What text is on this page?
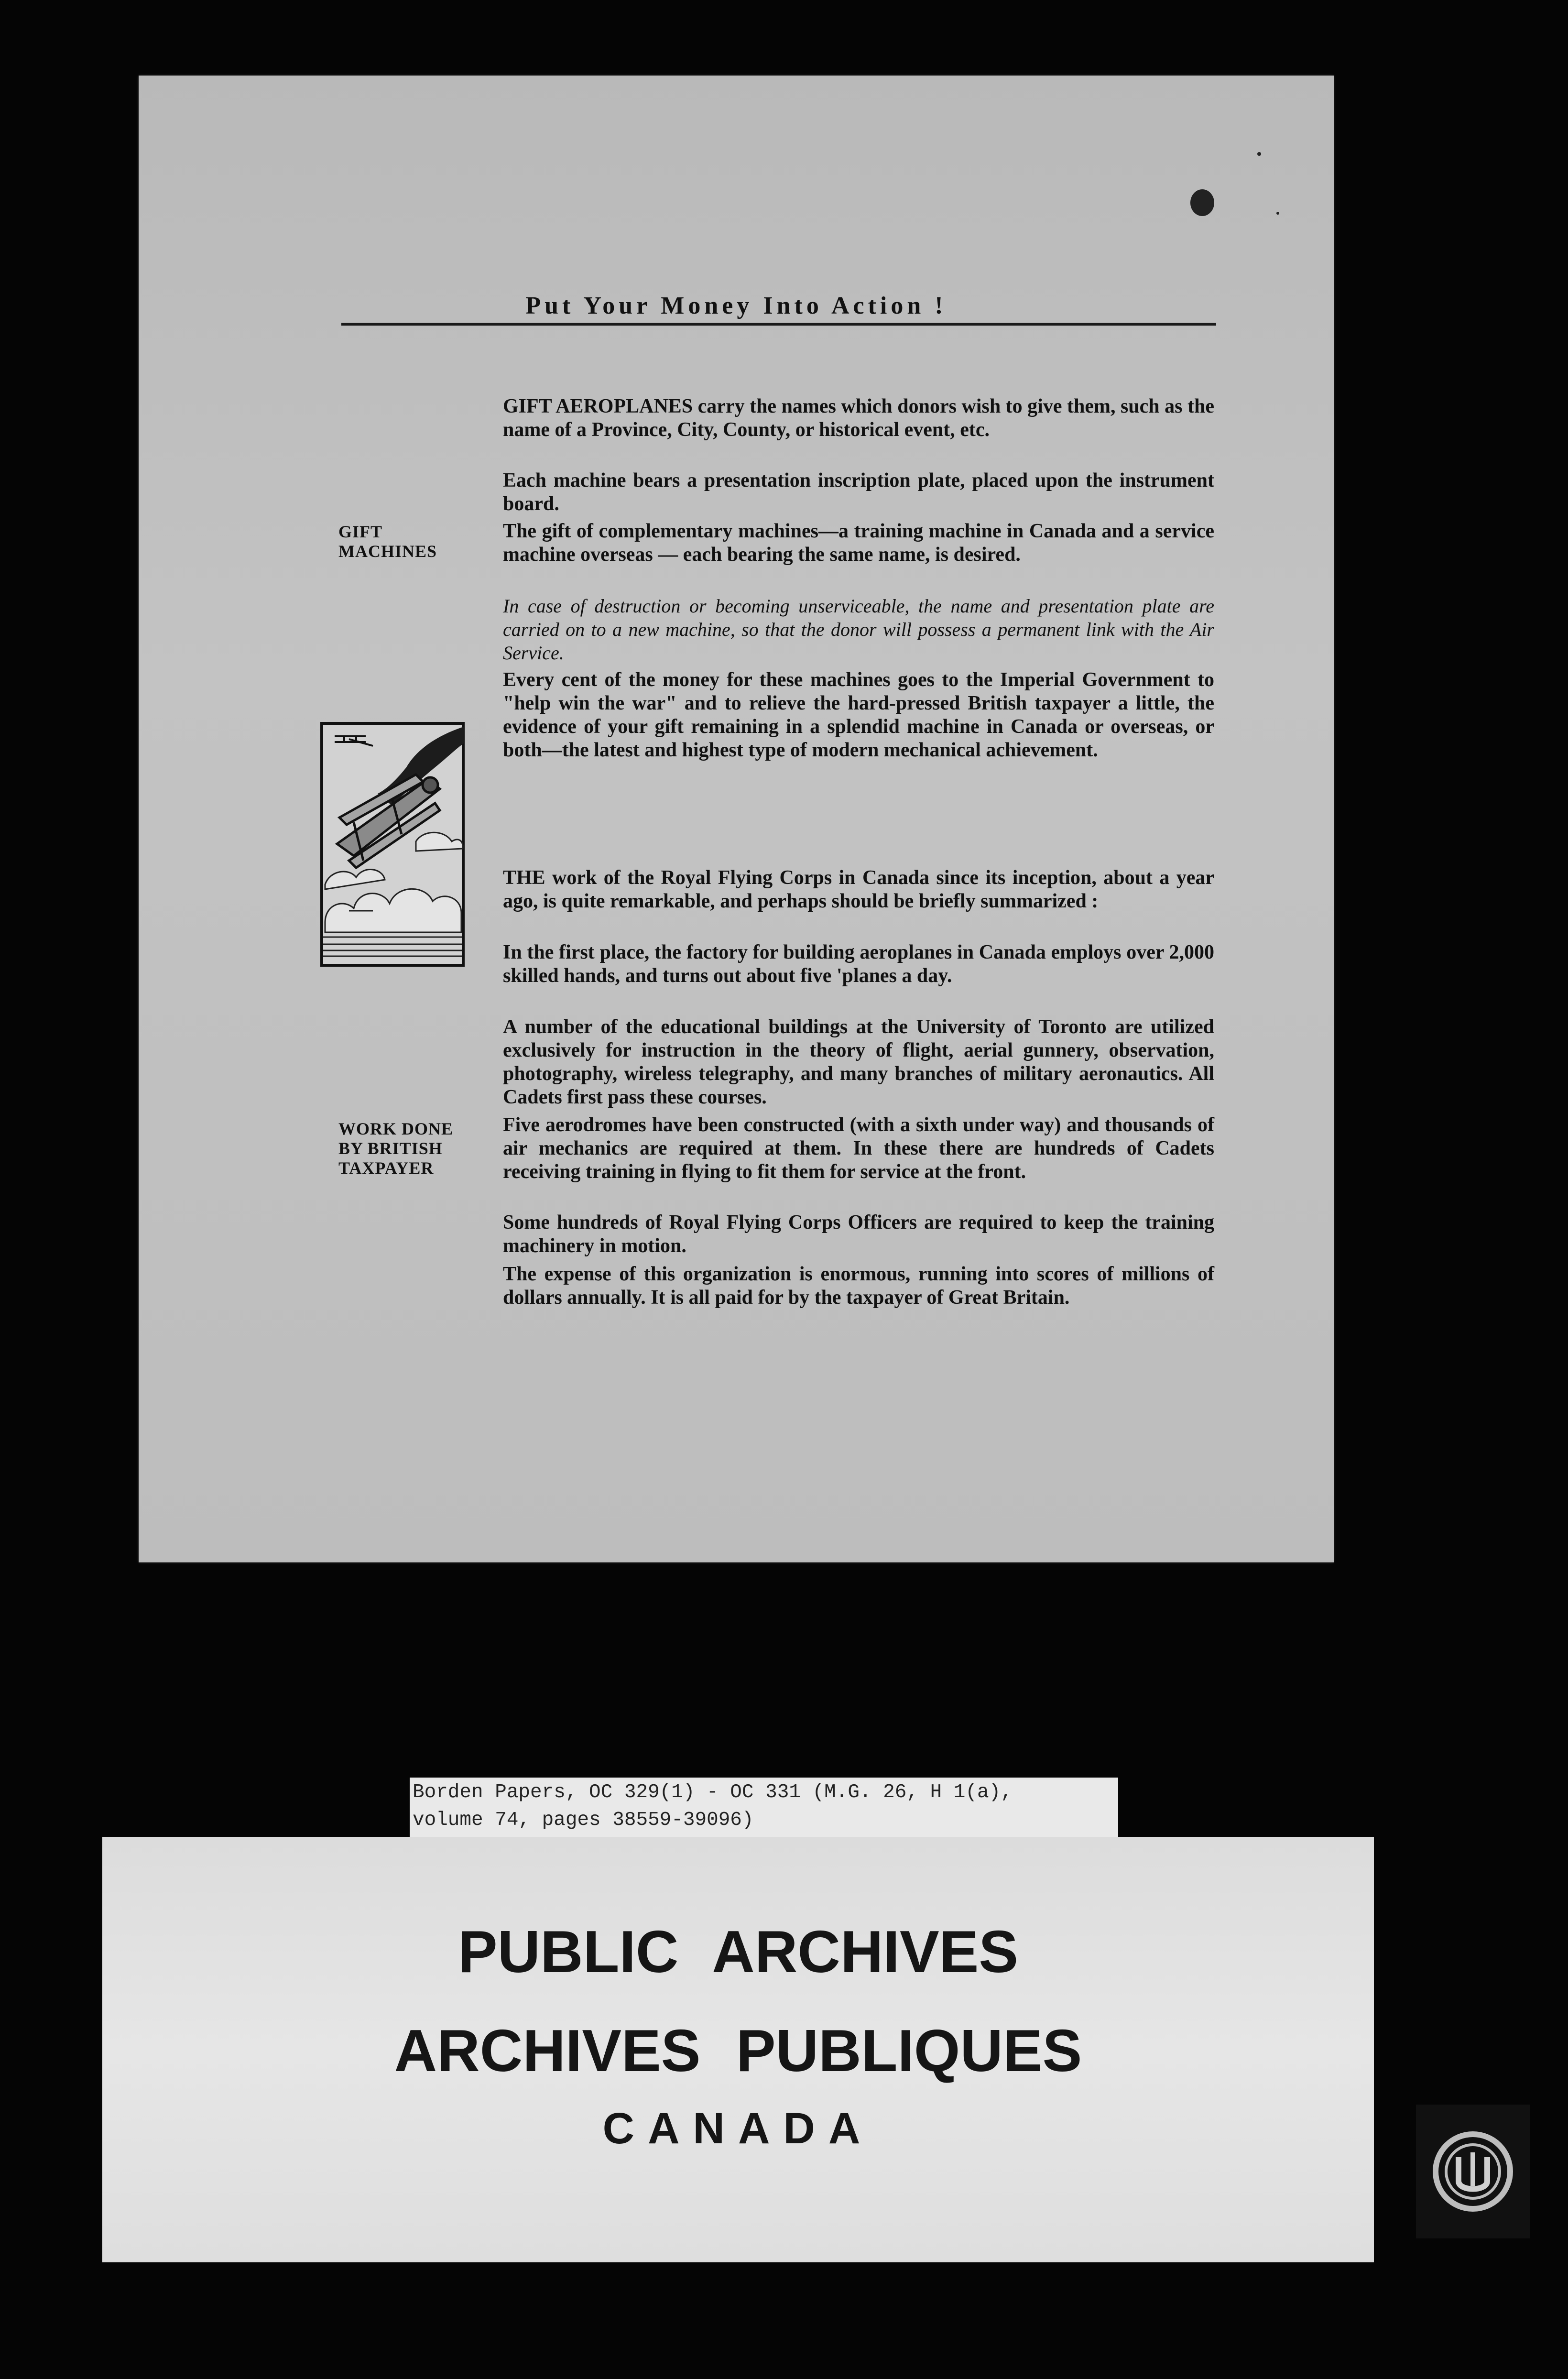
Put Your Money Into Action !
GIFT
MACHINES
WORK DONE
BY BRITISH
TAXPAYER

GIFT AEROPLANES carry the names which donors wish to give them, such as the name of a Province, City, County, or historical event, etc.

Each machine bears a presentation inscription plate, placed upon the instrument board.

The gift of complementary machines—a training machine in Canada and a service machine overseas — each bearing the same name, is desired.

In case of destruction or becoming unserviceable, the name and presentation plate are carried on to a new machine, so that the donor will possess a permanent link with the Air Service.

Every cent of the money for these machines goes to the Imperial Government to "help win the war" and to relieve the hard-pressed British taxpayer a little, the evidence of your gift remaining in a splendid machine in Canada or overseas, or both—the latest and highest type of modern mechanical achievement.

THE work of the Royal Flying Corps in Canada since its inception, about a year ago, is quite remarkable, and perhaps should be briefly summarized :

In the first place, the factory for building aeroplanes in Canada employs over 2,000 skilled hands, and turns out about five 'planes a day.

A number of the educational buildings at the University of Toronto are utilized exclusively for instruction in the theory of flight, aerial gunnery, observation, photography, wireless telegraphy, and many branches of military aeronautics. All Cadets first pass these courses.

Five aerodromes have been constructed (with a sixth under way) and thousands of air mechanics are required at them. In these there are hundreds of Cadets receiving training in flying to fit them for service at the front.

Some hundreds of Royal Flying Corps Officers are required to keep the training machinery in motion.

The expense of this organization is enormous, running into scores of millions of dollars annually. It is all paid for by the taxpayer of Great Britain.

Borden Papers, OC 329(1) - OC 331 (M.G. 26, H 1(a),
volume 74, pages 38559-39096)
PUBLIC ARCHIVES
ARCHIVES PUBLIQUES
CANADA
